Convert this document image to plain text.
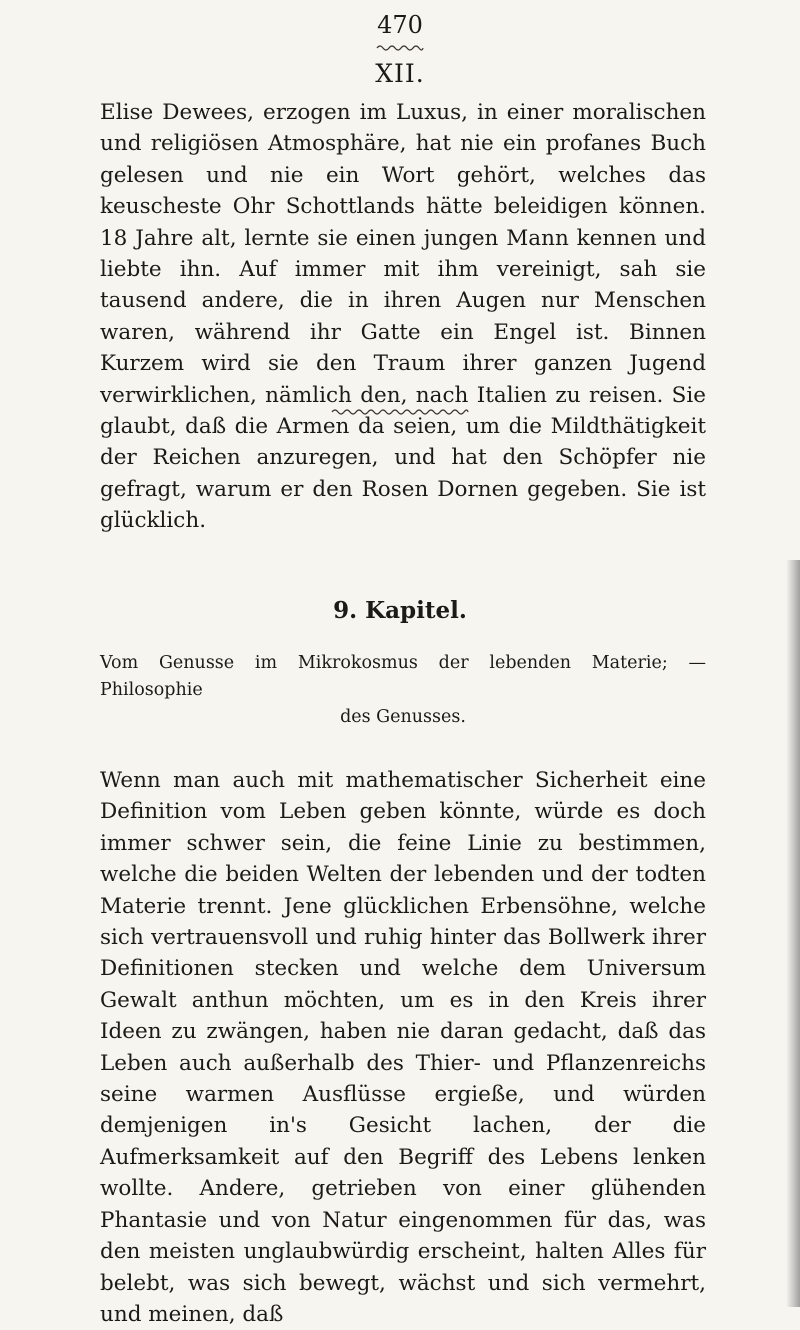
470
XII.

Elise Dewees, erzogen im Luxus, in einer moralischen und religiösen Atmosphäre, hat nie ein profanes Buch gelesen und nie ein Wort gehört, welches das keuscheste Ohr Schottlands hätte beleidigen können. 18 Jahre alt, lernte sie einen jungen Mann kennen und liebte ihn. Auf immer mit ihm vereinigt, sah sie tausend andere, die in ihren Augen nur Menschen waren, während ihr Gatte ein Engel ist. Binnen Kurzem wird sie den Traum ihrer ganzen Jugend verwirklichen, nämlich den, nach Italien zu reisen. Sie glaubt, daß die Armen da seien, um die Mildthätigkeit der Reichen anzuregen, und hat den Schöpfer nie gefragt, warum er den Rosen Dornen gegeben. Sie ist glücklich.

9. Kapitel.

Vom Genusse im Mikrokosmus der lebenden Materie; — Philosophie
des Genusses.

Wenn man auch mit mathematischer Sicherheit eine Definition vom Leben geben könnte, würde es doch immer schwer sein, die feine Linie zu bestimmen, welche die beiden Welten der lebenden und der todten Materie trennt. Jene glücklichen Erbensöhne, welche sich vertrauensvoll und ruhig hinter das Bollwerk ihrer Definitionen stecken und welche dem Universum Gewalt anthun möchten, um es in den Kreis ihrer Ideen zu zwängen, haben nie daran gedacht, daß das Leben auch außerhalb des Thier- und Pflanzenreichs seine warmen Ausflüsse ergieße, und würden demjenigen in's Gesicht lachen, der die Aufmerksamkeit auf den Begriff des Lebens lenken wollte. Andere, getrieben von einer glühenden Phantasie und von Natur eingenommen für das, was den meisten unglaubwürdig erscheint, halten Alles für belebt, was sich bewegt, wächst und sich vermehrt, und meinen, daß
